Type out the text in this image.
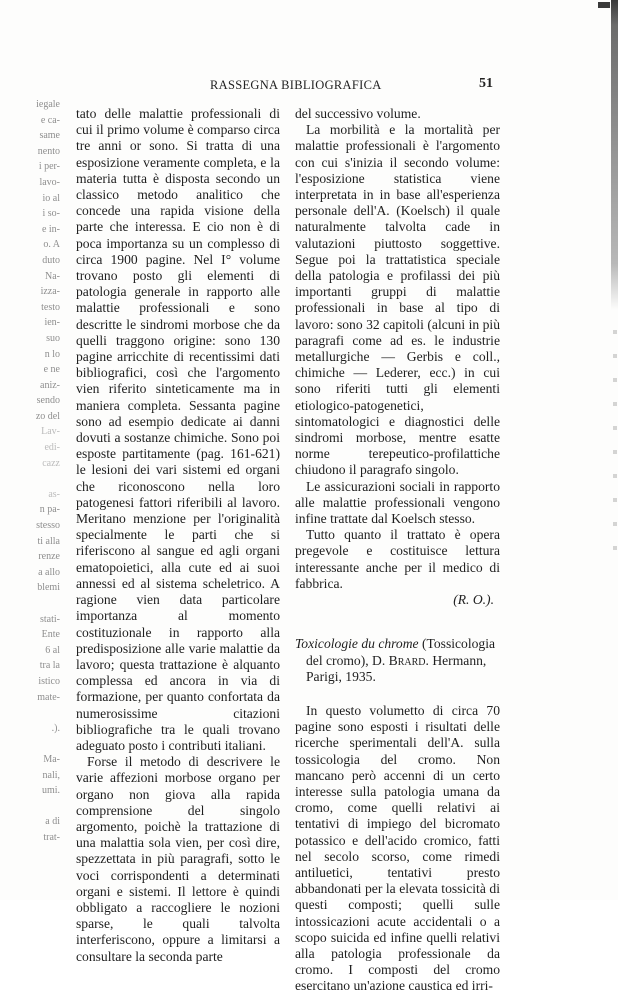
iegale
e ca-
same
nento
i per-
lavo-
io al
i so-
e in-
o. A
duto
Na-
izza-
testo
ien-
suo
n lo
e ne
aniz-
sendo
zo del
Lav-
edi-
cazz

as-
n pa-
stesso
ti alla
renze
a allo
blemi

stati-
Ente
6 al
tra la
istico
mate-

.).

Ma-
nali,
umi.

a di
trat-
RASSEGNA BIBLIOGRAFICA	51

tato delle malattie professionali di cui il primo volume è comparso circa tre anni or sono. Si tratta di una esposizione veramente completa, e la materia tutta è disposta secondo un classico metodo analitico che concede una rapida visione della parte che interessa. E cio non è di poca importanza su un complesso di circa 1900 pagine. Nel I° volume trovano posto gli elementi di patologia generale in rapporto alle malattie professionali e sono descritte le sindromi morbose che da quelli traggono origine: sono 130 pagine arricchite di recentissimi dati bibliografici, così che l'argomento vien riferito sinteticamente ma in maniera completa. Sessanta pagine sono ad esempio dedicate ai danni dovuti a sostanze chimiche. Sono poi esposte partitamente (pag. 161-621) le lesioni dei vari sistemi ed organi che riconoscono nella loro patogenesi fattori riferibili al lavoro. Meritano menzione per l'originalità specialmente le parti che si riferiscono al sangue ed agli organi ematopoietici, alla cute ed ai suoi annessi ed al sistema scheletrico. A ragione vien data particolare importanza al momento costituzionale in rapporto alla predisposizione alle varie malattie da lavoro; questa trattazione è alquanto complessa ed ancora in via di formazione, per quanto confortata da numerosissime citazioni bibliografiche tra le quali trovano adeguato posto i contributi italiani.

Forse il metodo di descrivere le varie affezioni morbose organo per organo non giova alla rapida comprensione del singolo argomento, poichè la trattazione di una malattia sola vien, per così dire, spezzettata in più paragrafi, sotto le voci corrispondenti a determinati organi e sistemi. Il lettore è quindi obbligato a raccogliere le nozioni sparse, le quali talvolta interferiscono, oppure a limitarsi a consultare la seconda parte

del successivo volume.

La morbilità e la mortalità per malattie professionali è l'argomento con cui s'inizia il secondo volume: l'esposizione statistica viene interpretata in in base all'esperienza personale dell'A. (Koelsch) il quale naturalmente talvolta cade in valutazioni piuttosto soggettive. Segue poi la trattatistica speciale della patologia e profilassi dei più importanti gruppi di malattie professionali in base al tipo di lavoro: sono 32 capitoli (alcuni in più paragrafi come ad es. le industrie metallurgiche — Gerbis e coll., chimiche — Lederer, ecc.) in cui sono riferiti tutti gli elementi etiologico-patogenetici, sintomatologici e diagnostici delle sindromi morbose, mentre esatte norme terepeutico-profilattiche chiudono il paragrafo singolo.

Le assicurazioni sociali in rapporto alle malattie professionali vengono infine trattate dal Koelsch stesso.

Tutto quanto il trattato è opera pregevole e costituisce lettura interessante anche per il medico di fabbrica.

(R. O.).

Toxicologie du chrome (Tossicologia del cromo), D. Brard. Hermann, Parigi, 1935.

In questo volumetto di circa 70 pagine sono esposti i risultati delle ricerche sperimentali dell'A. sulla tossicologia del cromo. Non mancano però accenni di un certo interesse sulla patologia umana da cromo, come quelli relativi ai tentativi di impiego del bicromato potassico e dell'acido cromico, fatti nel secolo scorso, come rimedi antiluetici, tentativi presto abbandonati per la elevata tossicità di questi composti; quelli sulle intossicazioni acute accidentali o a scopo suicida ed infine quelli relativi alla patologia professionale da cromo. I composti del cromo esercitano un'azione caustica ed irri-
